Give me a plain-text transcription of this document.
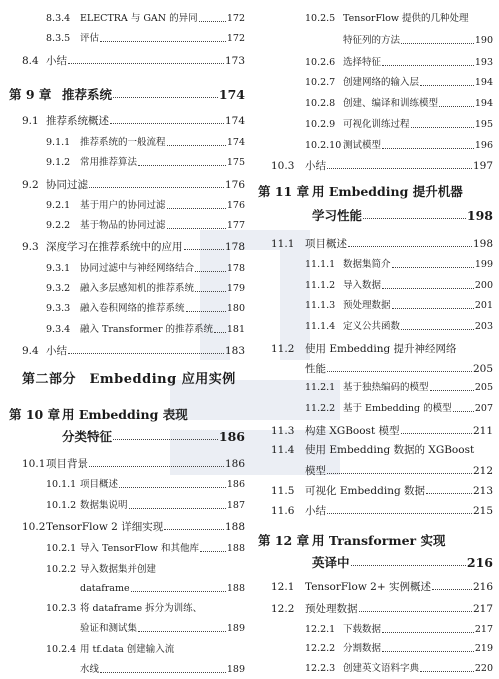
8.3.4 ELECTRA 与 GAN 的异同	172
8.3.5 评估	172
8.4 小结	173
第 9 章 推荐系统	174
9.1 推荐系统概述	174
9.1.1 推荐系统的一般流程	174
9.1.2 常用推荐算法	175
9.2 协同过滤	176
9.2.1 基于用户的协同过滤	176
9.2.2 基于物品的协同过滤	177
9.3 深度学习在推荐系统中的应用	178
9.3.1 协同过滤中与神经网络结合	178
9.3.2 融入多层感知机的推荐系统	179
9.3.3 融入卷积网络的推荐系统	180
9.3.4 融入 Transformer 的推荐系统 181
9.4 小结	183
第二部分　Embedding 应用实例
第 10 章 用 Embedding 表现
分类特征	186
10.1 项目背景	186
10.1.1 项目概述	186
10.1.2 数据集说明	187
10.2 TensorFlow 2 详细实现	188
10.2.1 导入 TensorFlow 和其他库	188
10.2.2 导入数据集并创建
dataframe	188
10.2.3 将 dataframe 拆分为训练、
验证和测试集	189
10.2.4 用 tf.data 创建输入流
水线	189
10.2.5 TensorFlow 提供的几种处理
特征列的方法	190
10.2.6 选择特征	193
10.2.7 创建网络的输入层	194
10.2.8 创建、编译和训练模型	194
10.2.9 可视化训练过程	195
10.2.10 测试模型	196
10.3 小结	197
第 11 章 用 Embedding 提升机器
学习性能	198
11.1 项目概述	198
11.1.1 数据集简介	199
11.1.2 导入数据	200
11.1.3 预处理数据	201
11.1.4 定义公共函数	203
11.2 使用 Embedding 提升神经网络
性能	205
11.2.1 基于独热编码的模型	205
11.2.2 基于 Embedding 的模型 207
11.3 构建 XGBoost 模型	211
11.4 使用 Embedding 数据的 XGBoost
模型	212
11.5 可视化 Embedding 数据	213
11.6 小结	215
第 12 章 用 Transformer 实现
英译中	216
12.1 TensorFlow 2+ 实例概述	216
12.2 预处理数据	217
12.2.1 下载数据	217
12.2.2 分割数据	219
12.2.3 创建英文语料字典	220
